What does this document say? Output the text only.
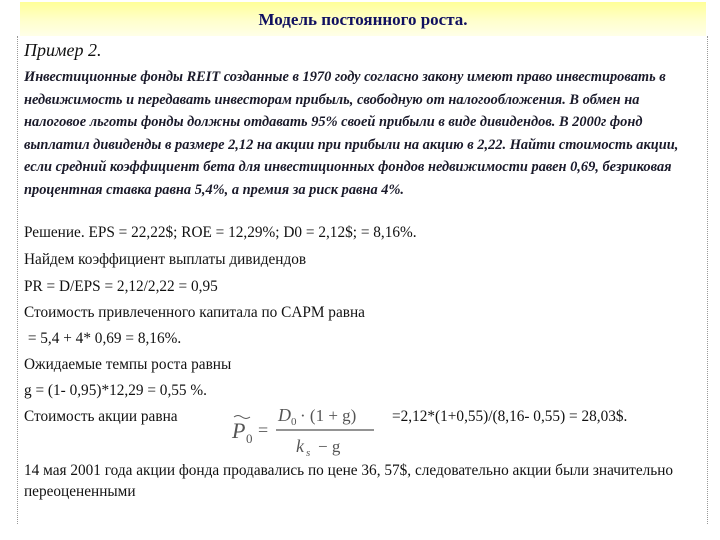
Модель постоянного роста.
Пример 2.
Инвестиционные фонды REIT созданные в 1970 году согласно закону имеют право инвестировать в недвижимость и передавать инвесторам прибыль, свободную от налогообложения. В обмен на налоговое льготы фонды должны отдавать 95% своей прибыли в виде дивидендов. В 2000г фонд выплатил дивиденды в размере 2,12 на акции при прибыли на акцию в 2,22. Найти стоимость акции, если средний коэффициент бета для инвестиционных фондов недвижимости равен 0,69, безриковая процентная ставка равна 5,4%, а премия за риск равна 4%.
Решение. EPS = 22,22$; ROE = 12,29%; D0 = 2,12$; = 8,16%.
Найдем коэффициент выплаты дивидендов
PR = D/EPS = 2,12/2,22 = 0,95
Стоимость привлеченного капитала по CAPM равна
= 5,4 + 4* 0,69 = 8,16%.
Ожидаемые темпы роста равны
g = (1- 0,95)*12,29 = 0,55 %.
Стоимость акции равна	=2,12*(1+0,55)/(8,16- 0,55) = 28,03$.
P 0 =
D 0 · (1 + g)
k s − g
14 мая 2001 года акции фонда продавались по цене 36, 57$, следовательно акции были значительно переоцененными
